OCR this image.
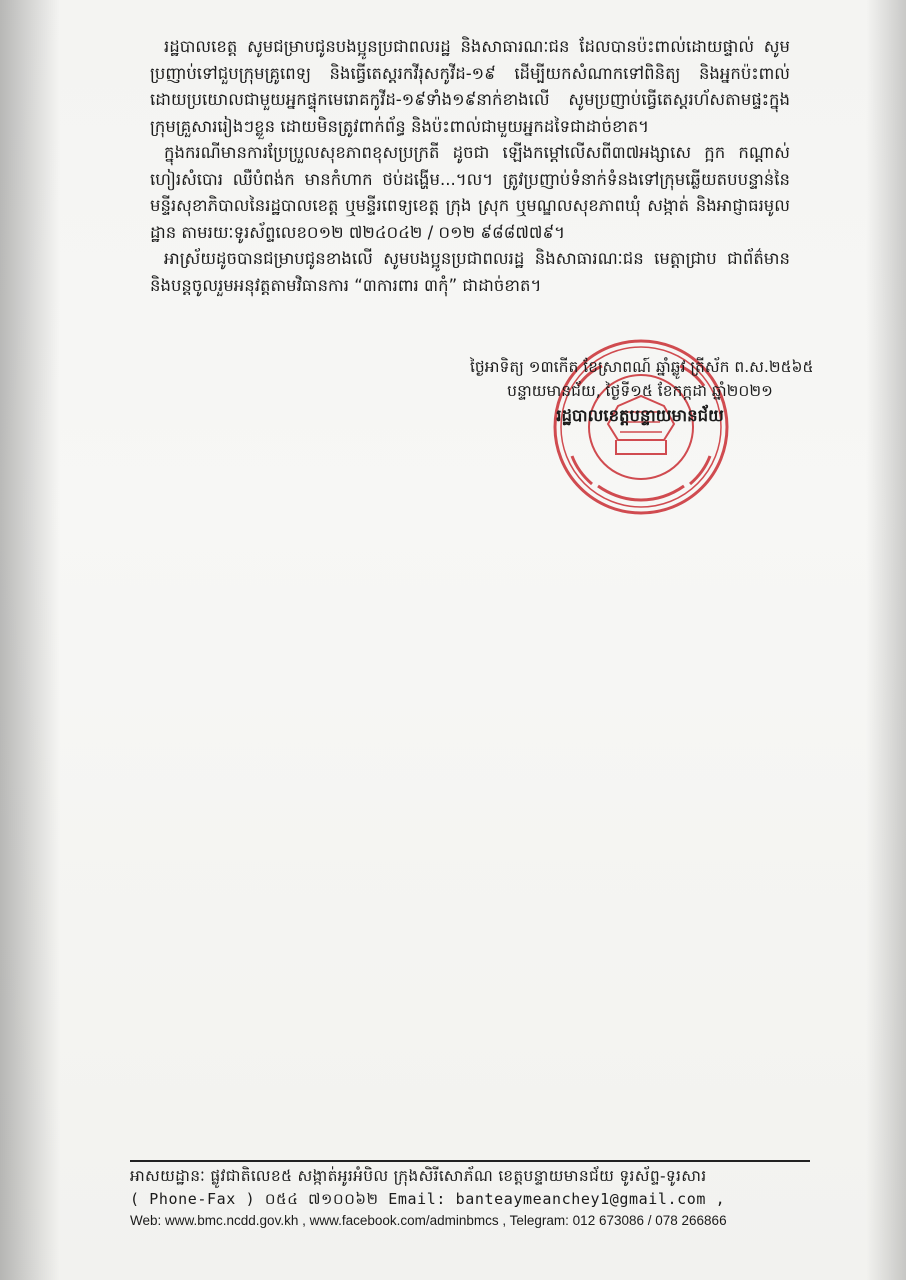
រដ្ឋបាលខេត្ត សូមជម្រាបជូនបងប្អូនប្រជាពលរដ្ឋ និងសាធារណៈជន ដែលបានប៉ះពាល់ដោយផ្ទាល់ សូមប្រញាប់ទៅជួបក្រុមគ្រូពេទ្យ និងធ្វើតេស្តរកវីរុសកូវីដ-១៩ ដើម្បីយកសំណាកទៅពិនិត្យ និងអ្នកប៉ះពាល់ ដោយប្រយោលជាមួយអ្នកផ្ទុកមេរោគកូវីដ-១៩ទាំង១៩នាក់ខាងលើ សូមប្រញាប់ធ្វើតេស្តរហ័សតាមផ្ទះក្នុងក្រុមគ្រួសាររៀងៗខ្លួន ដោយមិនត្រូវពាក់ព័ន្ធ និងប៉ះពាល់ជាមួយអ្នកដទៃជាដាច់ខាត។

ក្នុងករណីមានការប្រែប្រួលសុខភាពខុសប្រក្រតី ដូចជា ឡើងកម្តៅលើសពី៣៧អង្សាសេ ក្អក កណ្តាស់ ហៀរសំបោរ ឈឺបំពង់ក មានកំហាក ថប់ដង្ហើម...។ល។ ត្រូវប្រញាប់ទំនាក់ទំនងទៅក្រុមឆ្លើយតបបន្ទាន់នៃមន្ទីរសុខាភិបាលនៃរដ្ឋបាលខេត្ត ឬមន្ទីរពេទ្យខេត្ត ក្រុង ស្រុក ឬមណ្ឌលសុខភាពឃុំ សង្កាត់ និងអាជ្ញាធរមូលដ្ឋាន តាមរយៈទូរស័ព្ទលេខ០១២ ៧២៤០៤២ / ០១២ ៩៨៨៧៧៩។

អាស្រ័យដូចបានជម្រាបជូនខាងលើ សូមបងប្អូនប្រជាពលរដ្ឋ និងសាធារណៈជន មេត្តាជ្រាប ជាព័ត៌មាន និងបន្តចូលរួមអនុវត្តតាមវិធានការ “៣ការពារ ៣កុំ” ជាដាច់ខាត។

ថ្ងៃអាទិត្យ ១៣កើត ខែស្រាពណ៍ ឆ្នាំឆ្លូវ ត្រីស័ក ព.ស.២៥៦៥
បន្ទាយមានជ័យ, ថ្ងៃទី១៥ ខែកក្កដា ឆ្នាំ២០២១
រដ្ឋបាលខេត្តបន្ទាយមានជ័យ
អាសយដ្ឋានៈ ផ្លូវជាតិលេខ៥ សង្កាត់អូរអំបិល ក្រុងសិរីសោភ័ណ ខេត្តបន្ទាយមានជ័យ ទូរស័ព្ទ-ទូរសារ
( Phone-Fax ) ០៥៤ ៧១០០៦២ Email: banteaymeanchey1@gmail.com ,
Web: www.bmc.ncdd.gov.kh , www.facebook.com/adminbmcs , Telegram: 012 673086 / 078 266866
